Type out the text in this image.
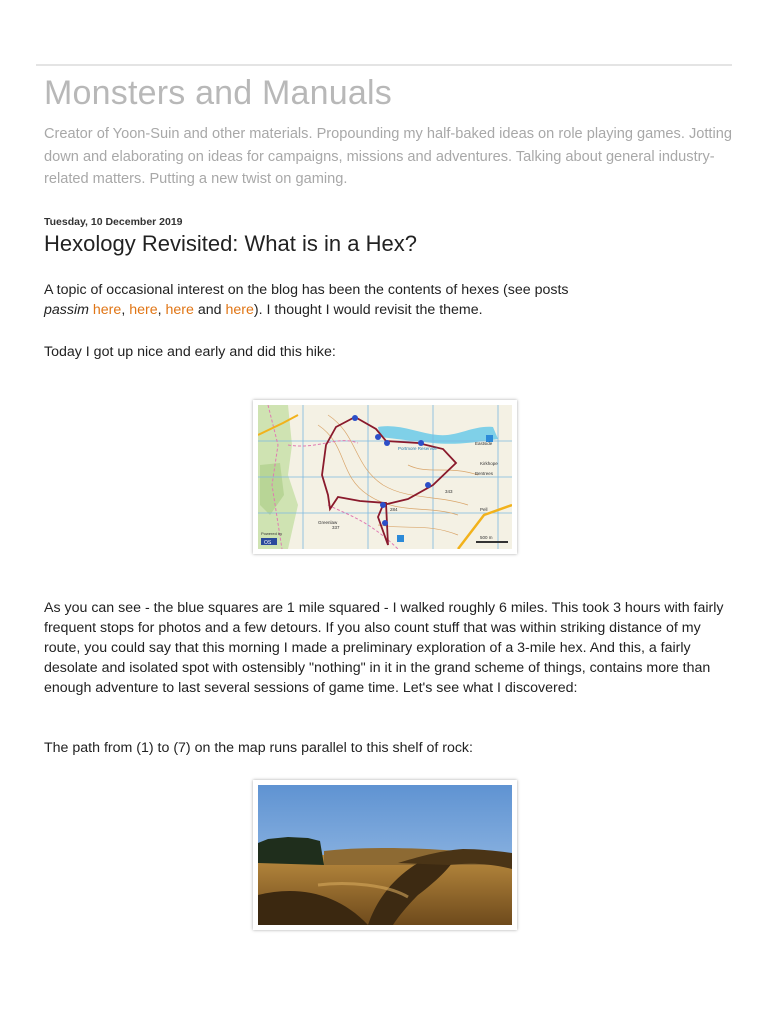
Monsters and Manuals

Creator of Yoon-Suin and other materials. Propounding my half-baked ideas on role playing games. Jotting down and elaborating on ideas for campaigns, missions and adventures. Talking about general industry-related matters. Putting a new twist on gaming.

Tuesday, 10 December 2019
Hexology Revisited: What is in a Hex?

A topic of occasional interest on the blog has been the contents of hexes (see posts
passim here, here, here and here). I thought I would revisit the theme.

Today I got up nice and early and did this hike:

Portmore Reservoir
Greenlaw
Eastside
Bentrees
Kirkhope
Pell
284
343
337
Powered by
OS
500 m

As you can see - the blue squares are 1 mile squared - I walked roughly 6 miles. This took 3 hours with fairly frequent stops for photos and a few detours. If you also count stuff that was within striking distance of my route, you could say that this morning I made a preliminary exploration of a 3-mile hex. And this, a fairly desolate and isolated spot with ostensibly "nothing" in it in the grand scheme of things, contains more than enough adventure to last several sessions of game time. Let's see what I discovered:

The path from (1) to (7) on the map runs parallel to this shelf of rock:
